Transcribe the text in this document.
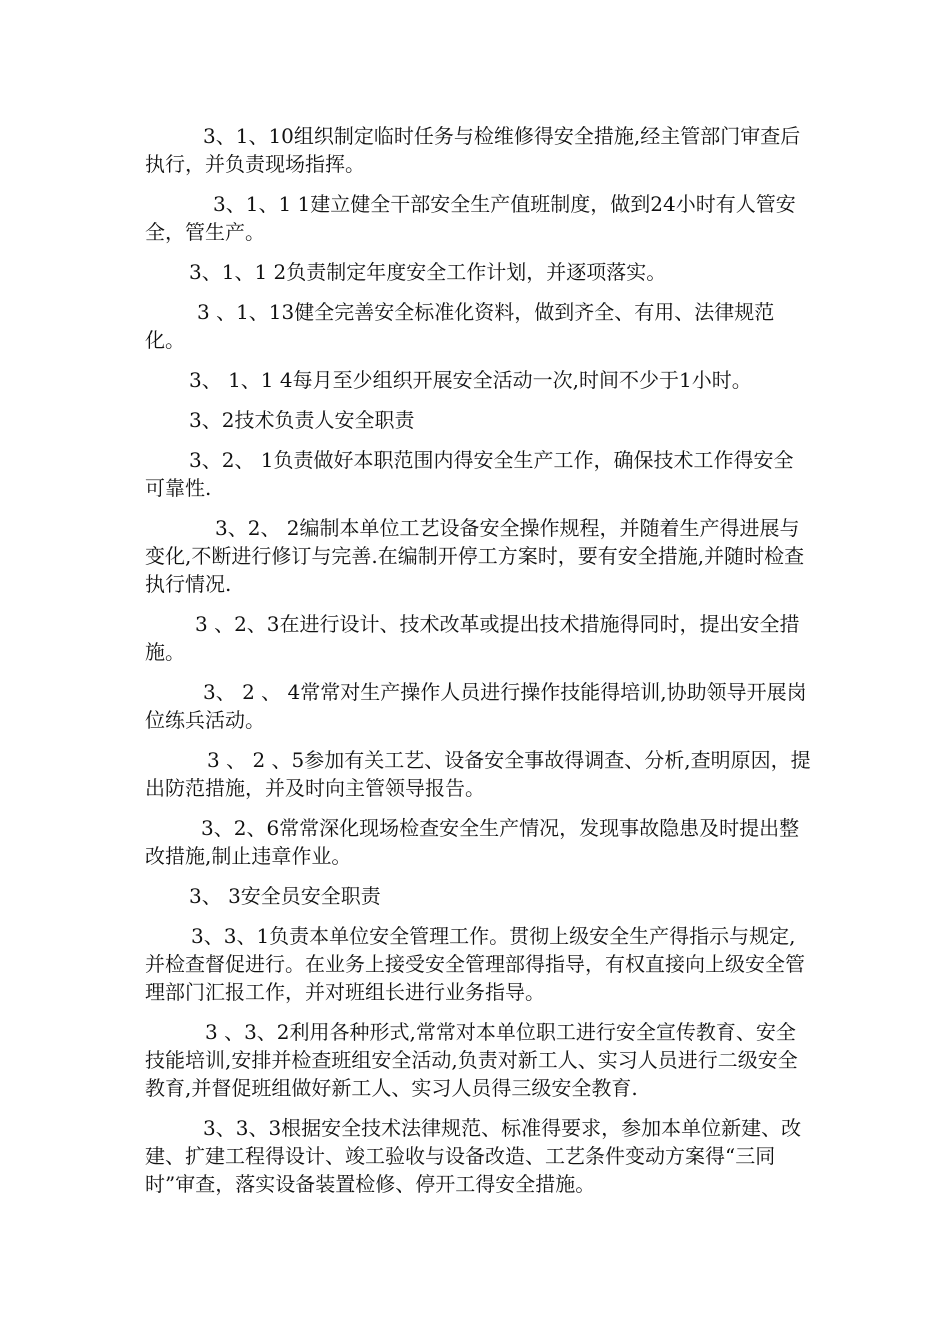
3、1、10组织制定临时任务与检维修得安全措施,经主管部门审查后执行，并负责现场指挥。

3、1、1 1建立健全干部安全生产值班制度，做到24小时有人管安全，管生产。

3、1、1 2负责制定年度安全工作计划，并逐项落实。

3 、1、13健全完善安全标准化资料，做到齐全、有用、法律规范化。

3、 1、1 4每月至少组织开展安全活动一次,时间不少于1小时。

3、2技术负责人安全职责

3、2、 1负责做好本职范围内得安全生产工作，确保技术工作得安全可靠性.

3、2、 2编制本单位工艺设备安全操作规程，并随着生产得进展与变化,不断进行修订与完善.在编制开停工方案时，要有安全措施,并随时检查执行情况.

3 、2、3在进行设计、技术改革或提出技术措施得同时，提出安全措施。

3、 2 、 4常常对生产操作人员进行操作技能得培训,协助领导开展岗位练兵活动。

3 、 2 、5参加有关工艺、设备安全事故得调查、分析,查明原因，提出防范措施，并及时向主管领导报告。

3、2、6常常深化现场检查安全生产情况，发现事故隐患及时提出整改措施,制止违章作业。

3、 3安全员安全职责

3、3、1负责本单位安全管理工作。贯彻上级安全生产得指示与规定,并检查督促进行。在业务上接受安全管理部得指导，有权直接向上级安全管理部门汇报工作，并对班组长进行业务指导。

3 、3、2利用各种形式,常常对本单位职工进行安全宣传教育、安全技能培训,安排并检查班组安全活动,负责对新工人、实习人员进行二级安全教育,并督促班组做好新工人、实习人员得三级安全教育.

3、3、3根据安全技术法律规范、标准得要求，参加本单位新建、改建、扩建工程得设计、竣工验收与设备改造、工艺条件变动方案得“三同时”审查，落实设备装置检修、停开工得安全措施。
